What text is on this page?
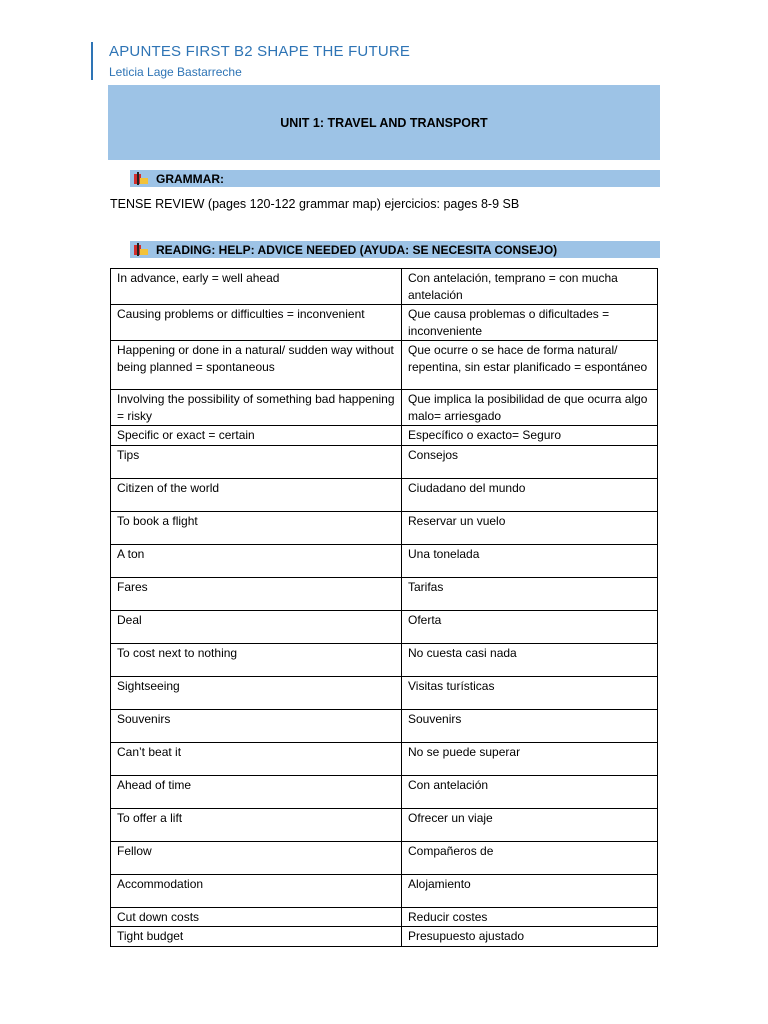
APUNTES FIRST B2 SHAPE THE FUTURE
Leticia Lage Bastarreche
UNIT 1: TRAVEL AND TRANSPORT
GRAMMAR:
TENSE REVIEW (pages 120-122 grammar map) ejercicios: pages 8-9 SB
READING: HELP: ADVICE NEEDED (AYUDA: SE NECESITA CONSEJO)
In advance, early = well ahead	Con antelación, temprano = con mucha antelación
Causing problems or difficulties = inconvenient	Que causa problemas o dificultades = inconveniente
Happening or done in a natural/ sudden way without being planned = spontaneous	Que ocurre o se hace de forma natural/ repentina, sin estar planificado = espontáneo
Involving the possibility of something bad happening = risky	Que implica la posibilidad de que ocurra algo malo= arriesgado
Specific or exact = certain	Específico o exacto= Seguro
Tips	Consejos
Citizen of the world	Ciudadano del mundo
To book a flight	Reservar un vuelo
A ton	Una tonelada
Fares	Tarifas
Deal	Oferta
To cost next to nothing	No cuesta casi nada
Sightseeing	Visitas turísticas
Souvenirs	Souvenirs
Can’t beat it	No se puede superar
Ahead of time	Con antelación
To offer a lift	Ofrecer un viaje
Fellow	Compañeros de
Accommodation	Alojamiento
Cut down costs	Reducir costes
Tight budget	Presupuesto ajustado
